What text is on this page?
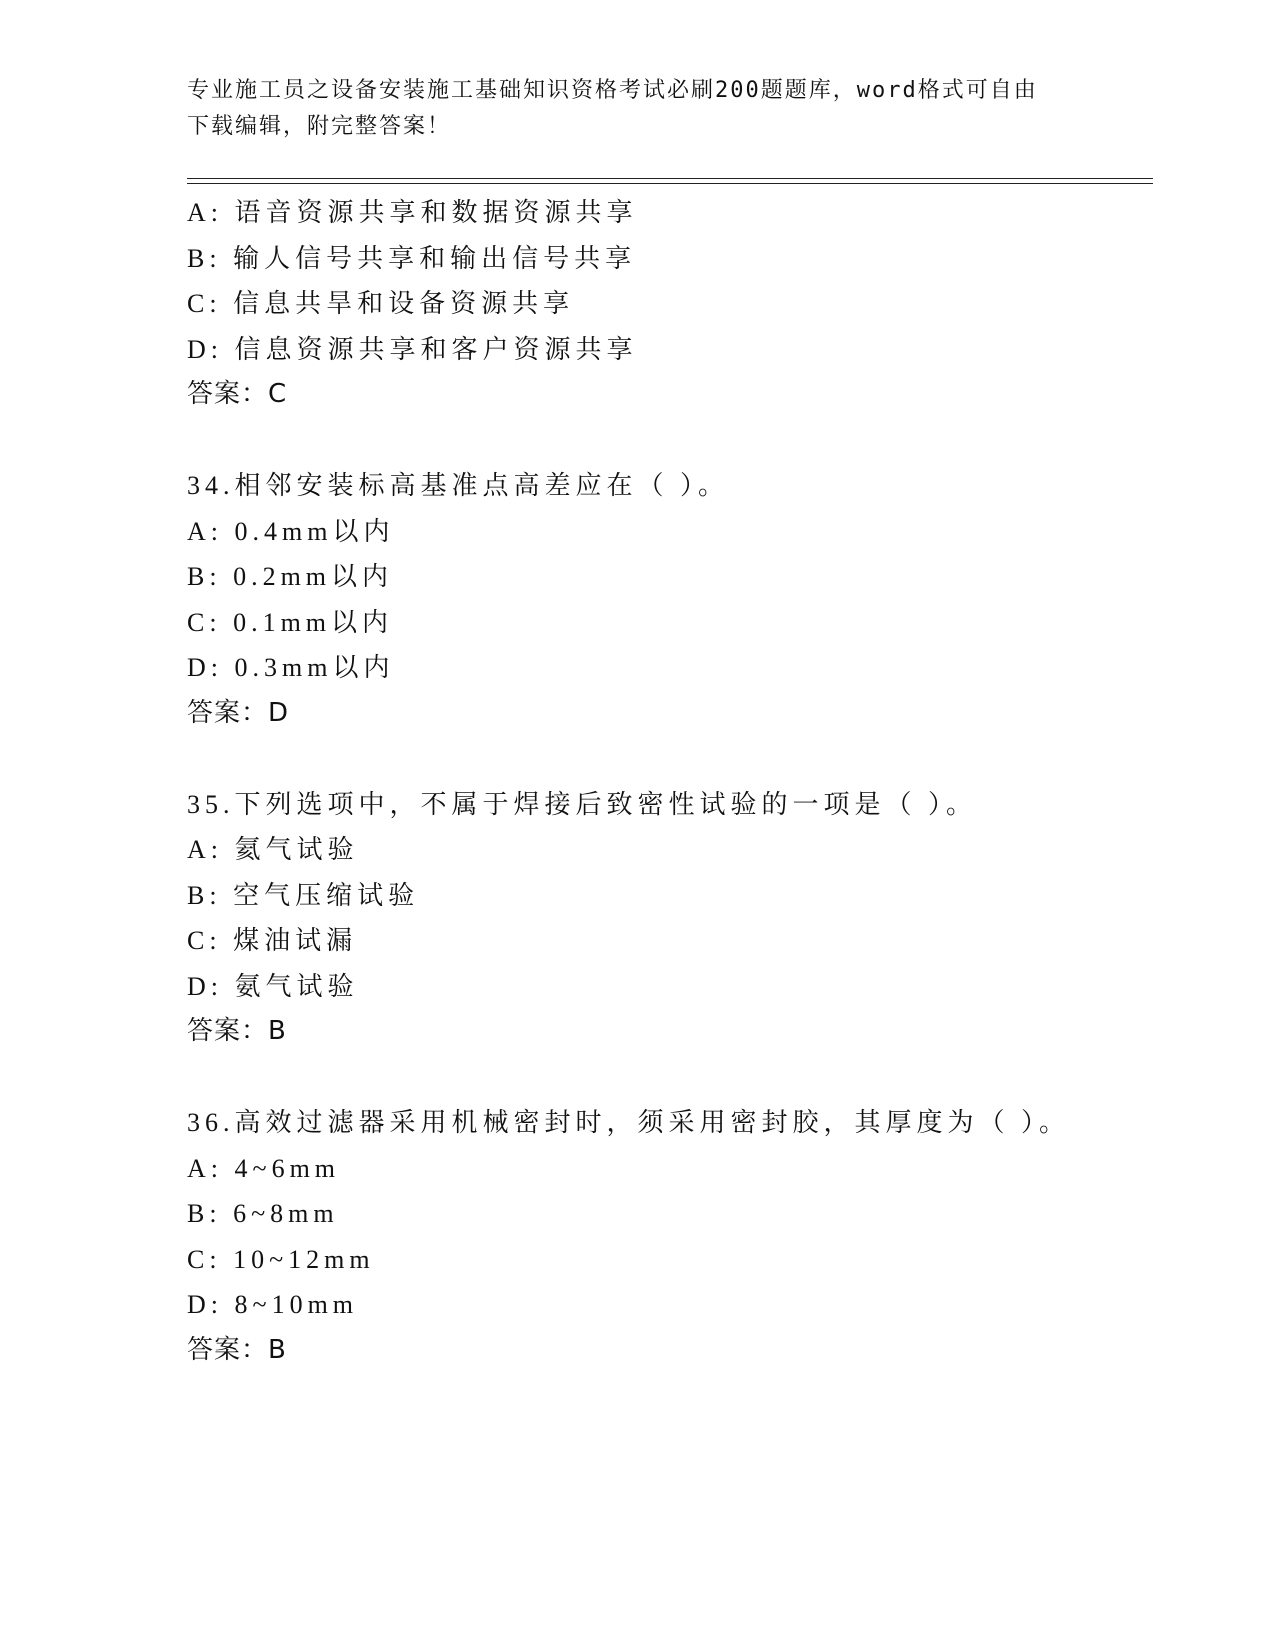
专业施工员之设备安装施工基础知识资格考试必刷200题题库，word格式可自由
下载编辑，附完整答案！
A: 语音资源共享和数据资源共享
B: 输人信号共享和输出信号共享
C: 信息共旱和设备资源共享
D: 信息资源共享和客户资源共享
答案：C
34.相邻安装标高基准点高差应在（ ）。
A: 0.4mm以内
B: 0.2mm以内
C: 0.1mm以内
D: 0.3mm以内
答案：D
35.下列选项中，不属于焊接后致密性试验的一项是（ ）。
A: 氦气试验
B: 空气压缩试验
C: 煤油试漏
D: 氨气试验
答案：B
36.高效过滤器采用机械密封时，须采用密封胶，其厚度为（ ）。
A: 4~6mm
B: 6~8mm
C: 10~12mm
D: 8~10mm
答案：B
